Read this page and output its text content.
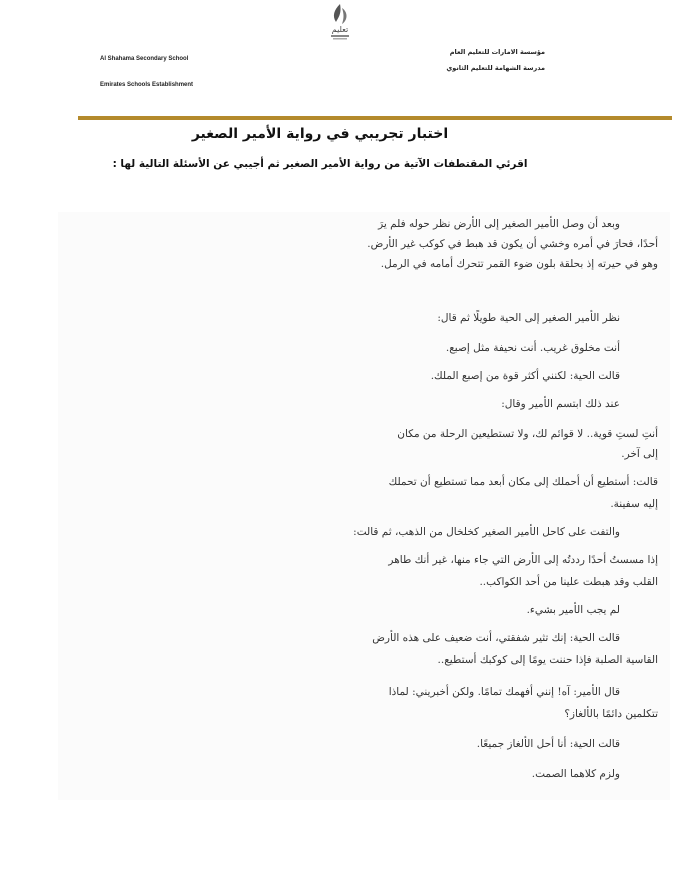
تعليم
Al Shahama Secondary School
Emirates Schools Establishment
مؤسسة الامارات للتعليم العام
مدرسة الشهامة للتعليم الثانوي
اختبار تجريبي في رواية الأمير الصغير
اقرئي المقتطفات الآتية من رواية الأمير الصغير ثم أجيبي عن الأسئلة التالية لها :
وبعد أن وصل الأمير الصغير إلى الأرض نظر حوله فلم يرَ
أحدًا، فحارَ في أمره وخشي أن يكون قد هبط في كوكب غير الأرض.
وهو في حيرته إذ بحلقة بلون ضوء القمر تتحرك أمامه في الرمل.
نظر الأمير الصغير إلى الحية طويلًا ثم قال:
أنت مخلوق غريب. أنت نحيفة مثل إصبع.
قالت الحية: لكنني أكثر قوة من إصبع الملك.
عند ذلك ابتسم الأمير وقال:
أنتِ لستِ قوية.. لا قوائم لك، ولا تستطيعين الرحلة من مكان
إلى آخر.
قالت: أستطيع أن أحملك إلى مكان أبعد مما تستطيع أن تحملك
إليه سفينة.
والتفت على كاحل الأمير الصغير كخلخال من الذهب، ثم قالت:
إذا مسستُ أحدًا رددتُه إلى الأرض التي جاء منها، غير أنك طاهر
القلب وقد هبطت علينا من أحد الكواكب..
لم يجب الأمير بشيء.
قالت الحية: إنك تثير شفقتي، أنت ضعيف على هذه الأرض
القاسية الصلبة فإذا حننت يومًا إلى كوكبك أستطيع..
قال الأمير: آه! إنني أفهمك تمامًا. ولكن أخبريني: لماذا
تتكلمين دائمًا بالألغاز؟
قالت الحية: أنا أحل الألغاز جميعًا.
ولزم كلاهما الصمت.
